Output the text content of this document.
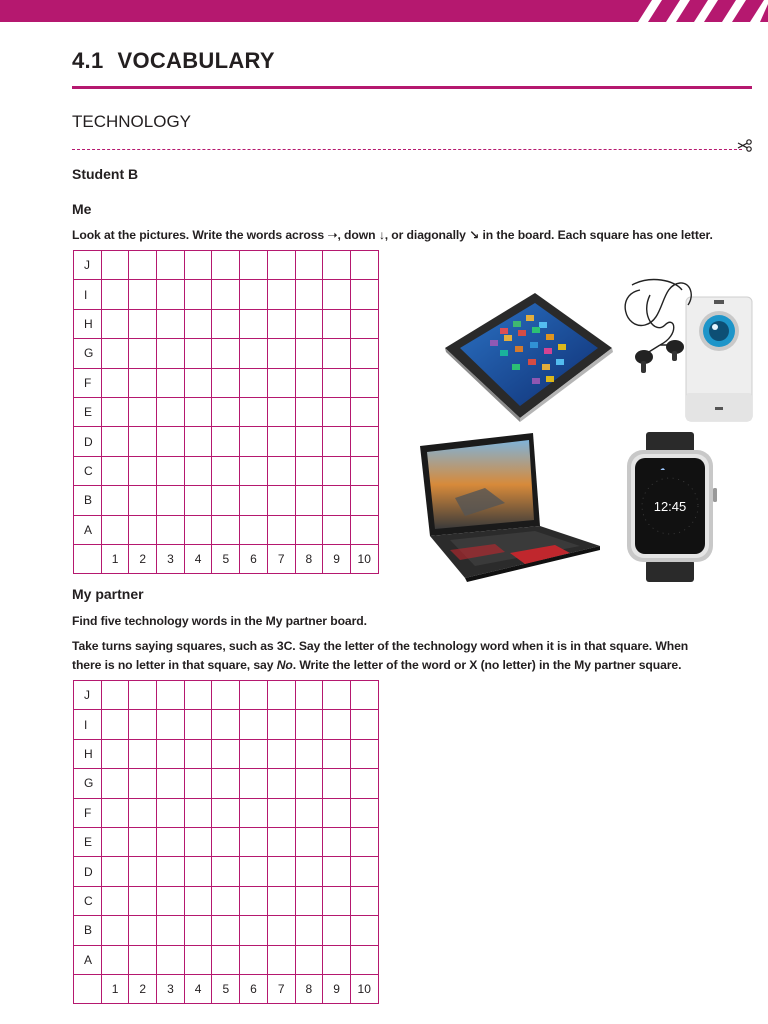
4.1 VOCABULARY
TECHNOLOGY
Student B
Me
Look at the pictures. Write the words across ➝, down ↓, or diagonally ↘ in the board. Each square has one letter.
J										
I										
H										
G										
F										
E										
D										
C										
B										
A										
	1	2	3	4	5	6	7	8	9	10
12:45
☁
My partner
Find five technology words in the My partner board.
Take turns saying squares, such as 3C. Say the letter of the technology word when it is in that square. When
there is no letter in that square, say No. Write the letter of the word or X (no letter) in the My partner square.
J										
I										
H										
G										
F										
E										
D										
C										
B										
A										
	1	2	3	4	5	6	7	8	9	10
